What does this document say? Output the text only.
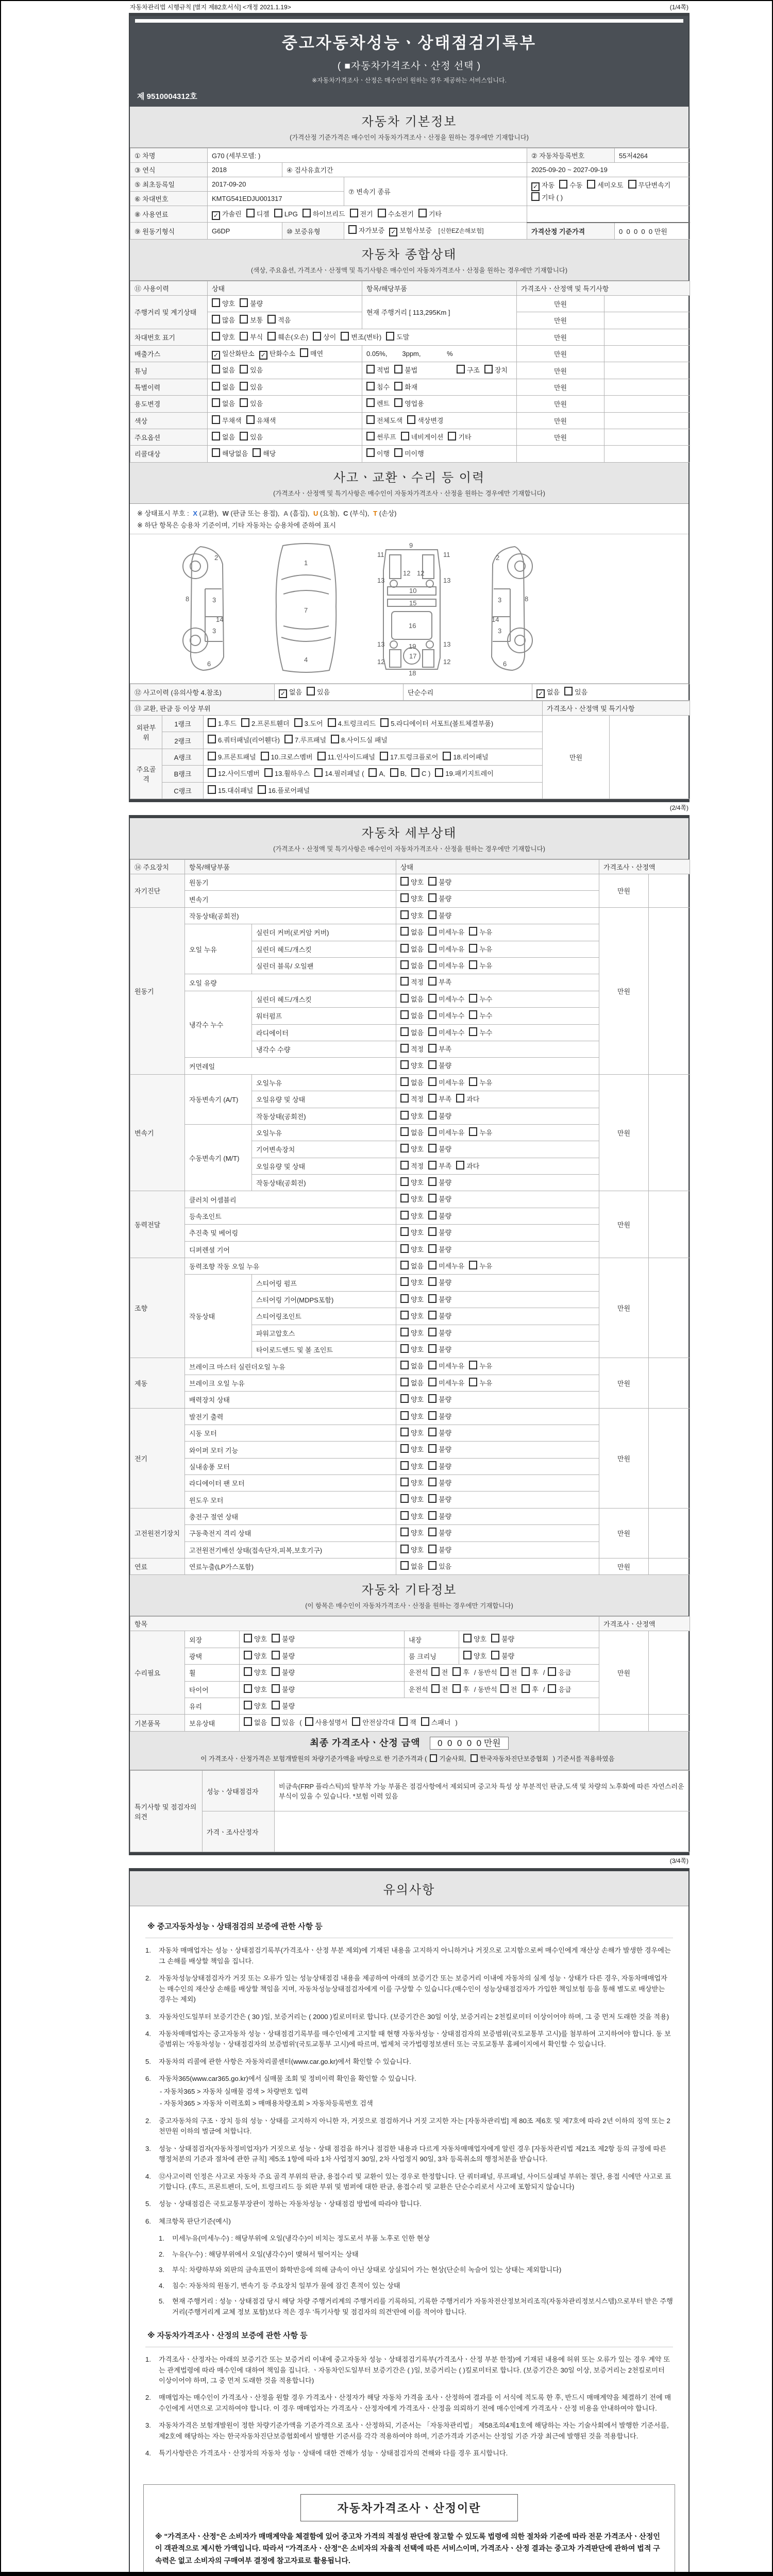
자동차관리법 시행규칙 [별지 제82호서식] <개정 2021.1.19>	(1/4쪽)
중고자동차성능ㆍ상태점검기록부
( ■자동차가격조사ㆍ산정 선택 )
※자동차가격조사ㆍ산정은 매수인이 원하는 경우 제공하는 서비스입니다.
제 9510004312호
자동차 기본정보
(가격산정 기준가격은 매수인이 자동차가격조사ㆍ산정을 원하는 경우에만 기재합니다)
① 차명	G70 (세부모델: )			② 자동차등록번호	55저4264
③ 연식	2018	④ 검사유효기간		2025-09-20 ~ 2027-09-19	
⑤ 최초등록일	2017-09-20		⑦ 변속기 종류	✓자동 수동 세미오토 무단변속기기타 ( )
⑥ 차대번호	KMTG541EDJU001317				
⑧ 사용연료	✓가솔린 디젤 LPG 하이브리드 전기 수소전기 기타	
⑨ 원동기형식	G6DP	⑩ 보증유형	자가보증 ✓ 보험사보증 [신한EZ손해보험]	가격산정 기준가격	0  0  0  0  0 만원
자동차 종합상태
(색상, 주요옵션, 가격조사ㆍ산정액 및 특기사항은 매수인이 자동차가격조사ㆍ산정을 원하는 경우에만 기재합니다)
⑪ 사용이력	상태	항목/해당부품	가격조사ㆍ산정액 및 특기사항	
주행거리 및 계기상태	양호 불량	현재 주행거리 [ 113,295Km ]	만원	
	많음 보통 적음		만원	
차대번호 표기	양호 부식 훼손(오손) 상이 변조(변타) 도말		만원	
배출가스	✓일산화탄소 ✓ 탄화수소 매연	0.05%,        3ppm,              %	만원	
튜닝	없음 있음	적법 불법 구조 장치	만원	
특별이력	없음 있음	침수 화재	만원	
용도변경	없음 있음	렌트 영업용	만원	
색상	무채색 유채색	전체도색 색상변경	만원	
주요옵션	없음 있음	썬루프 네비게이션 기타	만원	
리콜대상	해당없음 해당	이행 미이행		
사고ㆍ교환ㆍ수리 등 이력
(가격조사ㆍ산정액 및 특기사항은 매수인이 자동차가격조사ㆍ산정을 원하는 경우에만 기재합니다)
※ 상태표시 부호 : X (교환), W (판금 또는 용접), A (흠집), U (요철), C (부식), T (손상)
※ 하단 항목은 승용차 기준이며, 기타 자동차는 승용차에 준하여 표시
2
8	3
14
3
6
1
7
4
9
11	11
13	13
12 12
10
15
16
13	13
19
12	12
17
18
2
8
3
14
3
6
⑫ 사고이력 (유의사항 4.참조)	✓없음 있음	단순수리	✓없음 있음
⑬ 교환, 판금 등 이상 부위			가격조사ㆍ산정액 및 특기사항	
외판부위	1랭크	1.후드 2.프론트휀더 3.도어 4.트렁크리드 5.라디에이터 서포트(볼트체결부품)	만원	
	2랭크	6.쿼터패널(리어휀다) 7.루프패널 8.사이드실 패널		
주요골격	A랭크	9.프론트패널 10.크로스멤버 11.인사이드패널 17.트렁크플로어 18.리어패널		
	B랭크	12.사이드멤버 13.휠하우스 14.필러패널 ( A, B, C ) 19.패키지트레이		
	C랭크	15.대쉬패널 16.플로어패널		
(2/4쪽)
자동차 세부상태
(가격조사ㆍ산정액 및 특기사항은 매수인이 자동차가격조사ㆍ산정을 원하는 경우에만 기재합니다)
⑭ 주요장치	항목/해당부품		상태	가격조사ㆍ산정액	
자기진단	원동기		양호 불량	만원	
	변속기		양호 불량		
원동기	작동상태(공회전)		양호 불량	만원	
	오일 누유	실린더 커버(로커암 커버)	없음 미세누유 누유		
		실린더 헤드/개스킷	없음 미세누유 누유		
		실린더 블록/ 오일팬	없음 미세누유 누유		
	오일 유량		적정 부족		
	냉각수 누수	실린더 헤드/개스킷	없음 미세누수 누수		
		워터펌프	없음 미세누수 누수		
		라디에이터	없음 미세누수 누수		
		냉각수 수량	적정 부족		
	커먼레일		양호 불량		
변속기	자동변속기 (A/T)	오일누유	없음 미세누유 누유	만원	
		오일유량 및 상태	적정 부족 과다		
		작동상태(공회전)	양호 불량		
	수동변속기 (M/T)	오일누유	없음 미세누유 누유		
		기어변속장치	양호 불량		
		오일유량 및 상태	적정 부족 과다		
		작동상태(공회전)	양호 불량		
동력전달	클러치 어셈블리		양호 불량	만원	
	등속조인트		양호 불량		
	추진축 및 베어링		양호 불량		
	디퍼렌셜 기어		양호 불량		
조향	동력조향 작동 오일 누유		없음 미세누유 누유	만원	
	작동상태	스티어링 펌프	양호 불량		
		스티어링 기어(MDPS포함)	양호 불량		
		스티어링조인트	양호 불량		
		파워고압호스	양호 불량		
		타이로드엔드 및 볼 조인트	양호 불량		
제동	브레이크 마스터 실린더오일 누유		없음 미세누유 누유	만원	
	브레이크 오일 누유		없음 미세누유 누유		
	배력장치 상태		양호 불량		
전기	발전기 출력		양호 불량	만원	
	시동 모터		양호 불량		
	와이퍼 모터 기능		양호 불량		
	실내송풍 모터		양호 불량		
	라디에이터 팬 모터		양호 불량		
	윈도우 모터		양호 불량		
고전원전기장치	충전구 절연 상태		양호 불량	만원	
	구동축전지 격리 상태		양호 불량		
	고전원전기배선 상태(접속단자,피복,보호기구)		양호 불량		
연료	연료누출(LP가스포함)		없음 있음	만원	
자동차 기타정보
(이 항목은 매수인이 자동차가격조사ㆍ산정을 원하는 경우에만 기재합니다)
항목					가격조사ㆍ산정액	
수리필요	외장	양호 불량	내장	양호 불량	만원	
	광택	양호 불량	룸 크리닝	양호 불량		
	휠	양호 불량	운전석 전 후 / 동반석 전 후 / 응급			
	타이어	양호 불량	운전석 전 후 / 동반석 전 후 / 응급			
	유리	양호 불량				
기본품목	보유상태	없음 있음 ( 사용설명서 안전삼각대 잭 스패너 )				
최종 가격조사ㆍ산정 금액 0  0  0  0  0 만원
이 가격조사ㆍ산정가격은 보험개발원의 차량기준가액을 바탕으로 한 기준가격과 ( 기술사회, 한국자동차진단보증협회 ) 기준서를 적용하였음
특기사항 및 점검자의 의견	성능ㆍ상태점검자	비금속(FRP 플라스틱)의 탈부착 가능 부품은 점검사항에서 제외되며 중고차 특성 상 부분적인 판금,도색 및 차량의 노후화에 따른 자연스러운 부식이 있을 수 있습니다. *보험 이력 있음
	가격ㆍ조사산정자	
(3/4쪽)
유의사항
※ 중고자동차성능ㆍ상태점검의 보증에 관한 사항 등
1.	자동차 매매업자는 성능ㆍ상태점검기록부(가격조사ㆍ산정 부분 제외)에 기재된 내용을 고지하지 아니하거나 거짓으로 고지함으로써 매수인에게 재산상 손해가 발생한 경우에는 그 손해를 배상할 책임을 집니다.
2.	자동차성능상태점검자가 거짓 또는 오류가 있는 성능상태점검 내용을 제공하여 아래의 보증기간 또는 보증거리 이내에 자동차의 실제 성능ㆍ상태가 다른 경우, 자동차매매업자는 매수인의 재산상 손해를 배상할 책임을 지며, 자동차성능상태점검자에게 이를 구상할 수 있습니다.(매수인이 성능상태점검자가 가입한 책임보험 등을 통해 별도로 배상받는 경우는 제외)
3.	자동차인도일부터 보증기간은 ( 30 )일, 보증거리는 ( 2000 )킬로미터로 합니다. (보증기간은 30일 이상, 보증거리는 2천킬로미터 이상이어야 하며, 그 중 먼저 도래한 것을 적용)
4.	자동차매매업자는 중고자동차 성능ㆍ상태점검기록부를 매수인에게 고지할 때 현행 자동차성능ㆍ상태점검자의 보증범위(국토교통부 고시)를 첨부하여 고지하여야 합니다. 동 보증범위는 '자동차성능ㆍ상태점검자의 보증범위'(국토교통부 고시)에 따르며, 법제처 국가법령정보센터 또는 국토교통부 홈페이지에서 확인할 수 있습니다.
5.	자동차의 리콜에 관한 사항은 자동차리콜센터(www.car.go.kr)에서 확인할 수 있습니다.
6.	자동차365(www.car365.go.kr)에서 실매물 조회 및 정비이력 확인을 확인할 수 있습니다.
- 자동차365 > 자동차 실매물 검색 > 차량번호 입력
- 자동차365 > 자동차 이력조회 > 매매용차량조회 > 자동차등록번호 검색
2.	중고자동차의 구조ㆍ장치 등의 성능ㆍ상태를 고지하지 아니한 자, 거짓으로 점검하거나 거짓 고지한 자는 [자동차관리법] 제 80조 제6호 및 제7호에 따라 2년 이하의 징역 또는 2천만원 이하의 벌금에 처합니다.
3.	성능ㆍ상태점검자(자동차정비업자)가 거짓으로 성능ㆍ상태 점검을 하거나 점검한 내용과 다르게 자동차매매업자에게 알린 경우 [자동차관리법 제21조 제2항 등의 규정에 따른 행정처분의 기준과 절차에 관한 규칙] 제5조 1항에 따라 1차 사업정지 30일, 2차 사업정지 90일, 3차 등록취소의 행정처분을 받습니다.
4.	⑫사고이력 인정은 사고로 자동차 주요 골격 부위의 판금, 용접수리 및 교환이 있는 경우로 한정합니다. 단 쿼터패널, 루프패널, 사이드실패널 부위는 절단, 용접 시에만 사고로 표기합니다. (후드, 프론트펜더, 도어, 트렁크리드 등 외판 부위 및 범퍼에 대한 판금, 용접수리 및 교환은 단순수리로서 사고에 포함되지 않습니다)
5.	성능ㆍ상태점검은 국토교통부장관이 정하는 자동차성능ㆍ상태점검 방법에 따라야 합니다.
6.	체크항목 판단기준(예시)
1.	미세누유(미세누수) : 해당부위에 오일(냉각수)이 비치는 정도로서 부품 노후로 인한 현상
2.	누유(누수) : 해당부위에서 오일(냉각수)이 맺혀서 떨어지는 상태
3.	부식: 차량하부와 외판의 금속표면이 화학반응에 의해 금속이 아닌 상태로 상실되어 가는 현상(단순히 녹슬어 있는 상태는 제외합니다)
4.	침수: 자동차의 원동기, 변속기 등 주요장치 일부가 물에 잠긴 흔적이 있는 상태
5.	현재 주행거리 : 성능ㆍ상태점검 당시 해당 차량 주행거리계의 주행거리를 기록하되, 기록한 주행거리가 자동차전산정보처리조직(자동차관리정보시스템)으로부터 받은 주행거리(주행거리계 교체 정보 포함)보다 적은 경우 '특기사항 및 점검자의 의견'란에 이를 적어야 합니다.
※ 자동차가격조사ㆍ산정의 보증에 관한 사항 등
1.	가격조사ㆍ산정자는 아래의 보증기간 또는 보증거리 이내에 중고자동차 성능ㆍ상태점검기록부(가격조사ㆍ산정 부분 한정)에 기재된 내용에 허위 또는 오류가 있는 경우 계약 또는 관계법령에 따라 매수인에 대하여 책임을 집니다. ㆍ자동차인도일부터 보증기간은 ( )일, 보증거리는 ( )킬로미터로 합니다. (보증기간은 30일 이상, 보증거리는 2천킬로미터 이상이어야 하며, 그 중 먼저 도래한 것을 적용합니다)
2.	매매업자는 매수인이 가격조사ㆍ산정을 원할 경우 가격조사ㆍ산정자가 해당 자동차 가격을 조사ㆍ산정하여 결과를 이 서식에 적도록 한 후, 반드시 매매계약을 체결하기 전에 매수인에게 서면으로 고지하여야 합니다. 이 경우 매매업자는 가격조사ㆍ산정자에게 가격조사ㆍ산정을 의뢰하기 전에 매수인에게 가격조사ㆍ산정 비용을 안내하여야 합니다.
3.	자동차가격은 보험개발원이 정한 차량기준가액을 기준가격으로 조사ㆍ산정하되, 기준서는 「자동차관리법」 제58조의4제1호에 해당하는 자는 기술사회에서 발행한 기준서를, 제2호에 해당하는 자는 한국자동차진단보증협회에서 발행한 기준서를 각각 적용하여야 하며, 기준가격과 기준서는 산정일 기준 가장 최근에 발행된 것을 적용합니다.
4.	특기사항란은 가격조사ㆍ산정자의 자동차 성능ㆍ상태에 대한 견해가 성능ㆍ상태점검자의 견해와 다를 경우 표시합니다.
자동차가격조사ㆍ산정이란
※ "가격조사ㆍ산정"은 소비자가 매매계약을 체결함에 있어 중고차 가격의 적절성 판단에 참고할 수 있도록 법령에 의한 절차와 기준에 따라 전문 가격조사ㆍ산정인이 객관적으로 제시한 가액입니다. 따라서 "가격조사ㆍ산정"은 소비자의 자율적 선택에 따른 서비스이며, 가격조사ㆍ산정 결과는 중고차 가격판단에 관하여 법적 구속력은 없고 소비자의 구매여부 결정에 참고자료로 활용됩니다.
